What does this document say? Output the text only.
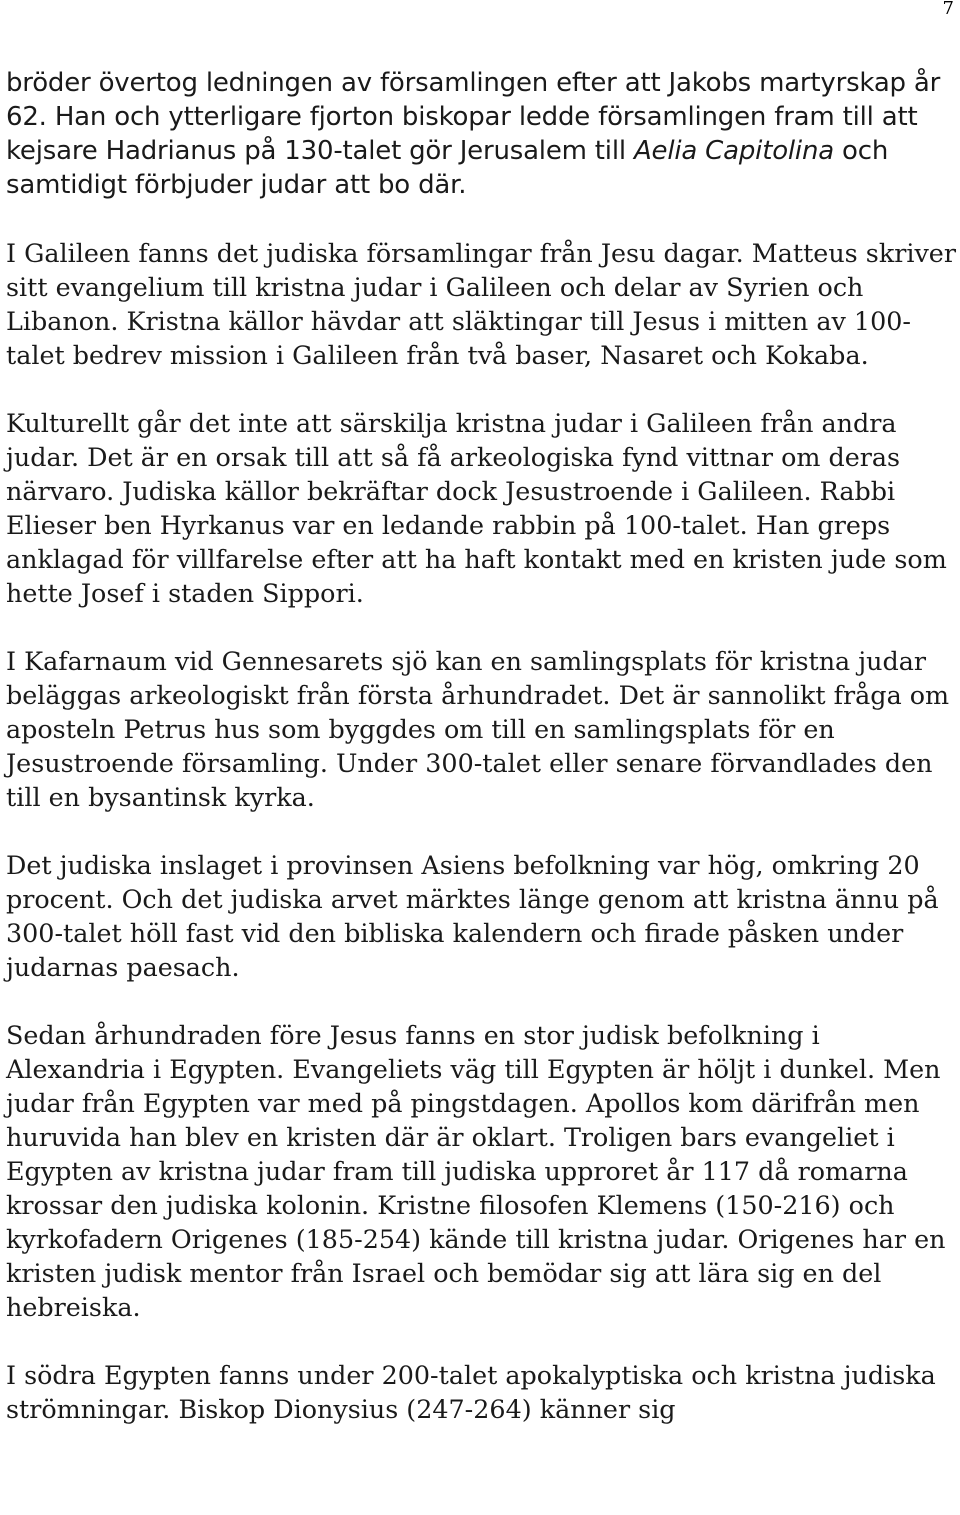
7

bröder övertog ledningen av församlingen efter att Jakobs martyrskap år 62. Han och ytterligare fjorton biskopar ledde församlingen fram till att kejsare Hadrianus på 130-talet gör Jerusalem till Aelia Capitolina och samtidigt förbjuder judar att bo där.

I Galileen fanns det judiska församlingar från Jesu dagar. Matteus skriver sitt evangelium till kristna judar i Galileen och delar av Syrien och Libanon. Kristna källor hävdar att släktingar till Jesus i mitten av 100-talet bedrev mission i Galileen från två baser, Nasaret och Kokaba.

Kulturellt går det inte att särskilja kristna judar i Galileen från andra judar. Det är en orsak till att så få arkeologiska fynd vittnar om deras närvaro. Judiska källor bekräftar dock Jesustroende i Galileen. Rabbi Elieser ben Hyrkanus var en ledande rabbin på 100-talet. Han greps anklagad för villfarelse efter att ha haft kontakt med en kristen jude som hette Josef i staden Sippori.

I Kafarnaum vid Gennesarets sjö kan en samlingsplats för kristna judar beläggas arkeologiskt från första århundradet. Det är sannolikt fråga om aposteln Petrus hus som byggdes om till en samlingsplats för en Jesustroende församling. Under 300-talet eller senare förvandlades den till en bysantinsk kyrka.

Det judiska inslaget i provinsen Asiens befolkning var hög, omkring 20 procent. Och det judiska arvet märktes länge genom att kristna ännu på 300-talet höll fast vid den bibliska kalendern och firade påsken under judarnas paesach.

Sedan århundraden före Jesus fanns en stor judisk befolkning i Alexandria i Egypten. Evangeliets väg till Egypten är höljt i dunkel. Men judar från Egypten var med på pingstdagen. Apollos kom därifrån men huruvida han blev en kristen där är oklart. Troligen bars evangeliet i Egypten av kristna judar fram till judiska upproret år 117 då romarna krossar den judiska kolonin. Kristne filosofen Klemens (150-216) och kyrkofadern Origenes (185-254) kände till kristna judar. Origenes har en kristen judisk mentor från Israel och bemödar sig att lära sig en del hebreiska.

I södra Egypten fanns under 200-talet apokalyptiska och kristna judiska strömningar. Biskop Dionysius (247-264) känner sig
